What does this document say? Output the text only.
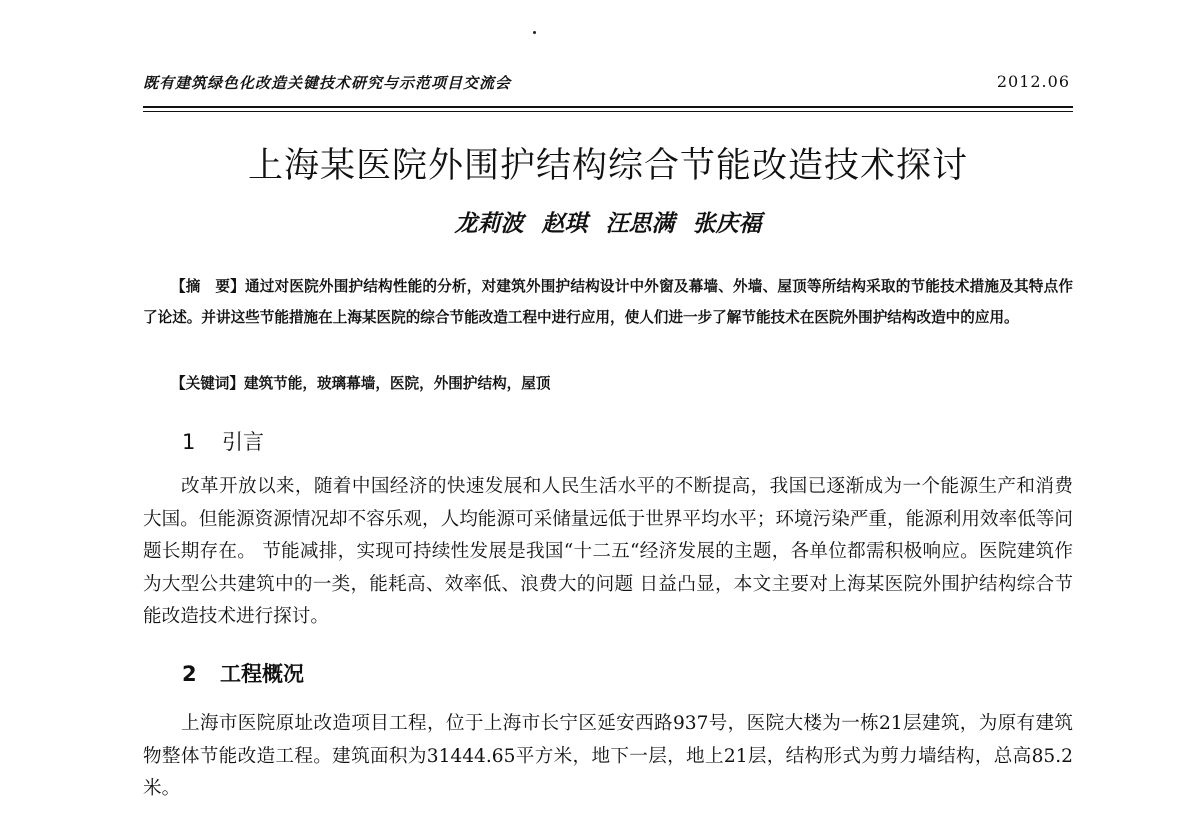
既有建筑绿色化改造关键技术研究与示范项目交流会	2012.06
上海某医院外围护结构综合节能改造技术探讨
龙莉波 赵琪 汪思满 张庆福
【摘　要】通过对医院外围护结构性能的分析，对建筑外围护结构设计中外窗及幕墙、外墙、屋顶等所结构采取的节能技术措施及其特点作了论述。并讲这些节能措施在上海某医院的综合节能改造工程中进行应用，使人们进一步了解节能技术在医院外围护结构改造中的应用。
【关键词】建筑节能，玻璃幕墙，医院，外围护结构，屋顶
1 引言
改革开放以来，随着中国经济的快速发展和人民生活水平的不断提高，我国已逐渐成为一个能源生产和消费大国。但能源资源情况却不容乐观，人均能源可采储量远低于世界平均水平；环境污染严重，能源利用效率低等问题长期存在。 节能减排，实现可持续性发展是我国“十二五“经济发展的主题，各单位都需积极响应。医院建筑作为大型公共建筑中的一类，能耗高、效率低、浪费大的问题 日益凸显，本文主要对上海某医院外围护结构综合节能改造技术进行探讨。
2 工程概况
上海市医院原址改造项目工程，位于上海市长宁区延安西路937号，医院大楼为一栋21层建筑，为原有建筑物整体节能改造工程。建筑面积为31444.65平方米，地下一层，地上21层，结构形式为剪力墙结构，总高85.2米。
